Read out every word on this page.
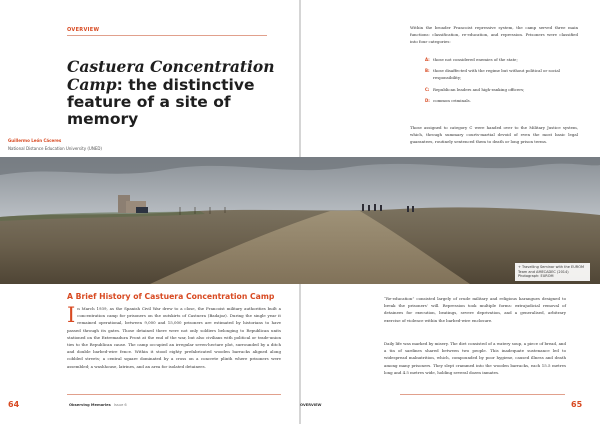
OVERVIEW
Castuera Concentration Camp: the distinctive feature of a site of memory
Guillermo León Cáceres
National Distance Education University (UNED)
+ Travelling Seminar with the EUROM Team and AMECADEC (2014) Photograph: EUROM
A Brief History of Castuera Concentration Camp
In March 1939, as the Spanish Civil War drew to a close, the Francoist military authorities built a concentration camp for prisoners on the outskirts of Castuera (Badajoz). During the single year it remained operational, between 9,000 and 15,000 prisoners are estimated by historians to have passed through its gates. Those detained there were not only soldiers belonging to Republican units stationed on the Extremadura Front at the end of the war, but also civilians with political or trade-union ties to the Republican cause. The camp occupied an irregular seven-hectare plot, surrounded by a ditch and double barbed-wire fence. Within it stood eighty prefabricated wooden barracks aligned along cobbled streets; a central square dominated by a cross on a concrete plinth where prisoners were assembled; a washhouse, latrines, and an area for isolated detainees.

Within the broader Francoist repressive system, the camp served three main functions: classification, re-education, and repression. Prisoners were classified into four categories:

A: those not considered enemies of the state;
B: those disaffected with the regime but without political or social responsibility;
C: Republican leaders and high-ranking officers;
D: common criminals.

Those assigned to category C were handed over to the Military Justice system, which, through summary courts-martial devoid of even the most basic legal guarantees, routinely sentenced them to death or long prison terms.

“Re-education” consisted largely of crude military and religious harangues designed to break the prisoners’ will. Repression took multiple forms: extrajudicial removal of detainees for execution, beatings, severe deprivation, and a generalised, arbitrary exercise of violence within the barbed-wire enclosure.

Daily life was marked by misery. The diet consisted of a watery soup, a piece of bread, and a tin of sardines shared between two people. This inadequate sustenance led to widespread malnutrition, which, compounded by poor hygiene, caused illness and death among many prisoners. They slept crammed into the wooden barracks, each 15.5 metres long and 4.5 metres wide, holding several dozen inmates.

64	Observing Memories Issue 6	OVERVIEW	65
